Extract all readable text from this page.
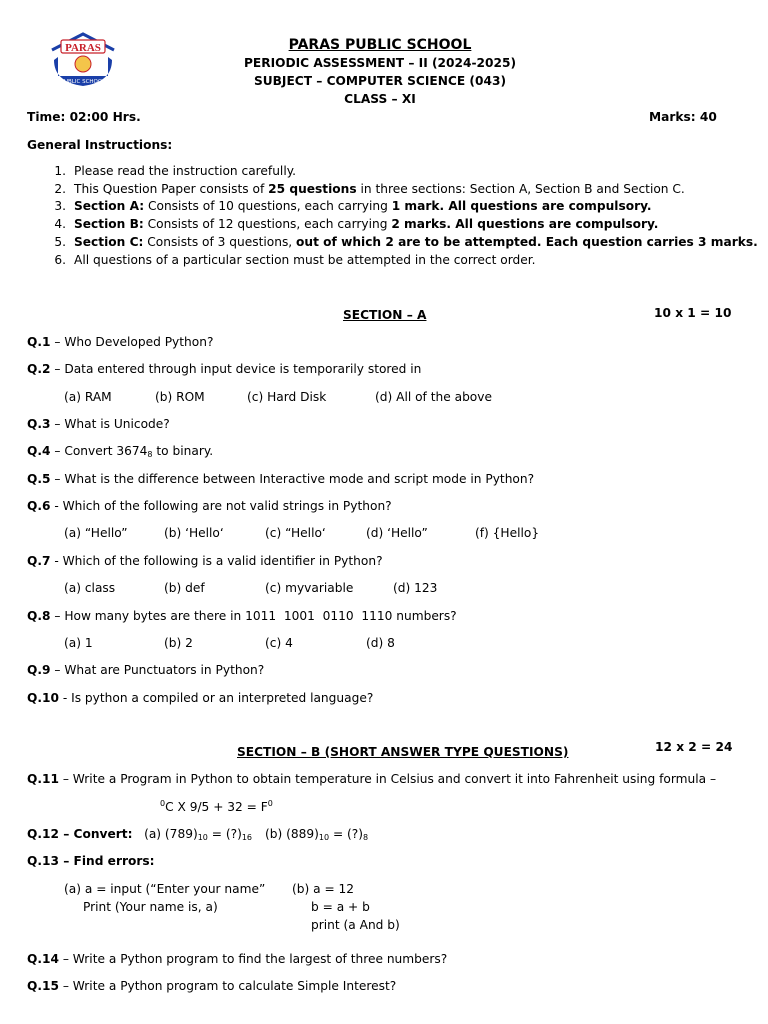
PARAS
PUBLIC SCHOOL
PARAS PUBLIC SCHOOL
PERIODIC ASSESSMENT – II (2024-2025)
SUBJECT – COMPUTER SCIENCE (043)
CLASS – XI
Time: 02:00 Hrs.	Marks: 40
General Instructions:
1. Please read the instruction carefully.
2. This Question Paper consists of 25 questions in three sections: Section A, Section B and Section C.
3. Section A: Consists of 10 questions, each carrying 1 mark. All questions are compulsory.
4. Section B: Consists of 12 questions, each carrying 2 marks. All questions are compulsory.
5. Section C: Consists of 3 questions, out of which 2 are to be attempted. Each question carries 3 marks.
6. All questions of a particular section must be attempted in the correct order.
SECTION – A	10 x 1 = 10
Q.1 – Who Developed Python?
Q.2 – Data entered through input device is temporarily stored in
(a) RAM	(b) ROM	(c) Hard Disk	(d) All of the above
Q.3 – What is Unicode?
Q.4 – Convert $3674_8$ to binary.
Q.5 – What is the difference between Interactive mode and script mode in Python?
Q.6 - Which of the following are not valid strings in Python?
(a) “Hello”	(b) ‘Hello‘	(c) “Hello‘	(d) ‘Hello”	(f) {Hello}
Q.7 - Which of the following is a valid identifier in Python?
(a) class	(b) def	(c) myvariable	(d) 123
Q.8 – How many bytes are there in 1011  1001  0110  1110 numbers?
(a) 1	(b) 2	(c) 4	(d) 8
Q.9 – What are Punctuators in Python?
Q.10 - Is python a compiled or an interpreted language?
SECTION – B (SHORT ANSWER TYPE QUESTIONS)	12 x 2 = 24
Q.11 – Write a Program in Python to obtain temperature in Celsius and convert it into Fahrenheit using formula –
$^0$C X $9/5 + 32 = F^0$
Q.12 – Convert: (a) $(789)_{10}$ = $(?)_{16}$ (b) $(889)_{10}$ = $(?)_8$
Q.13 – Find errors:
(a) a = input (“Enter your name”
Print (Your name is, a)
(b) a = 12
b = a + b
print (a And b)
Q.14 – Write a Python program to find the largest of three numbers?
Q.15 – Write a Python program to calculate Simple Interest?
